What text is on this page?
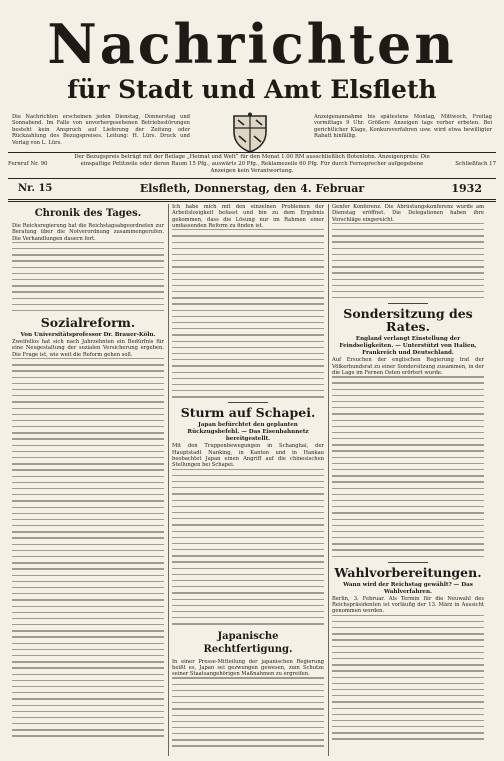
Nachrichten
für Stadt und Amt Elsfleth
Die Nachrichten erscheinen jeden Dienstag, Donnerstag und Sonnabend. Im Falle von unvorhergesehenen Betriebsstörungen besteht kein Anspruch auf Lieferung der Zeitung oder Rückzahlung des Bezugspreises. Leitung: H. Lürs. Druck und Verlag von L. Lürs.
Anzeigenannahme bis spätestens Montag, Mittwoch, Freitag vormittags 9 Uhr. Größere Anzeigen tags vorher erbeten. Bei gerichtlicher Klage, Konkursverfahren usw. wird etwa bewilligter Rabatt hinfällig.
Fernruf Nr. 90
Der Bezugspreis beträgt mit der Beilage „Heimat und Welt“ für den Monat 1.00 RM ausschließlich Botenlohn. Anzeigenpreis: Die einspaltige Petitzeile oder deren Raum 15 Pfg., auswärts 20 Pfg., Reklamezeile 60 Pfg. Für durch Fernsprecher aufgegebene Anzeigen kein Verantwortung.
Schließfach 17
Nr. 15	Elsfleth, Donnerstag, den 4. Februar	1932
Chronik des Tages.

Die Reichsregierung hat die Reichstagsabgeordneten zur Beratung über die Notverordnung zusammengerufen. Die Verhandlungen dauern fort.

Sozialreform.
Von Universitätsprofessor Dr. Brauer-Köln.

Zweifellos hat sich nach Jahrzehnten ein Bedürfnis für eine Neugestaltung der sozialen Versicherung ergeben. Die Frage ist, wie weit die Reform gehen soll.

Ich habe mich mit den einzelnen Problemen der Arbeitslosigkeit befasst und bin zu dem Ergebnis gekommen, dass die Lösung nur im Rahmen einer umfassenden Reform zu finden ist.

Sturm auf Schapei.
Japan befürchtet den geplanten Rückzugsbefehl. — Das Eisenbahnnetz bereitgestellt.

Mit den Truppenbewegungen in Schanghai, der Hauptstadt Nanking, in Kanton und in Hankau beobachtet Japan einen Angriff auf die chinesischen Stellungen bei Schapei.

Japanische Rechtfertigung.

In einer Presse-Mitteilung der japanischen Regierung heißt es, Japan sei gezwungen gewesen, zum Schutze seiner Staatsangehörigen Maßnahmen zu ergreifen.

Genfer Konferenz. Die Abrüstungskonferenz wurde am Dienstag eröffnet. Die Delegationen haben ihre Vorschläge eingereicht.

Sondersitzung des Rates.
England verlangt Einstellung der Feindseligkeiten. — Unterstützt von Italien, Frankreich und Deutschland.

Auf Ersuchen der englischen Regierung trat der Völkerbundsrat zu einer Sondersitzung zusammen, in der die Lage im Fernen Osten erörtert wurde.

Wahlvorbereitungen.
Wann wird der Reichstag gewählt? — Das Wahlverfahren.

Berlin, 3. Februar. Als Termin für die Neuwahl des Reichspräsidenten ist vorläufig der 13. März in Aussicht genommen worden.
